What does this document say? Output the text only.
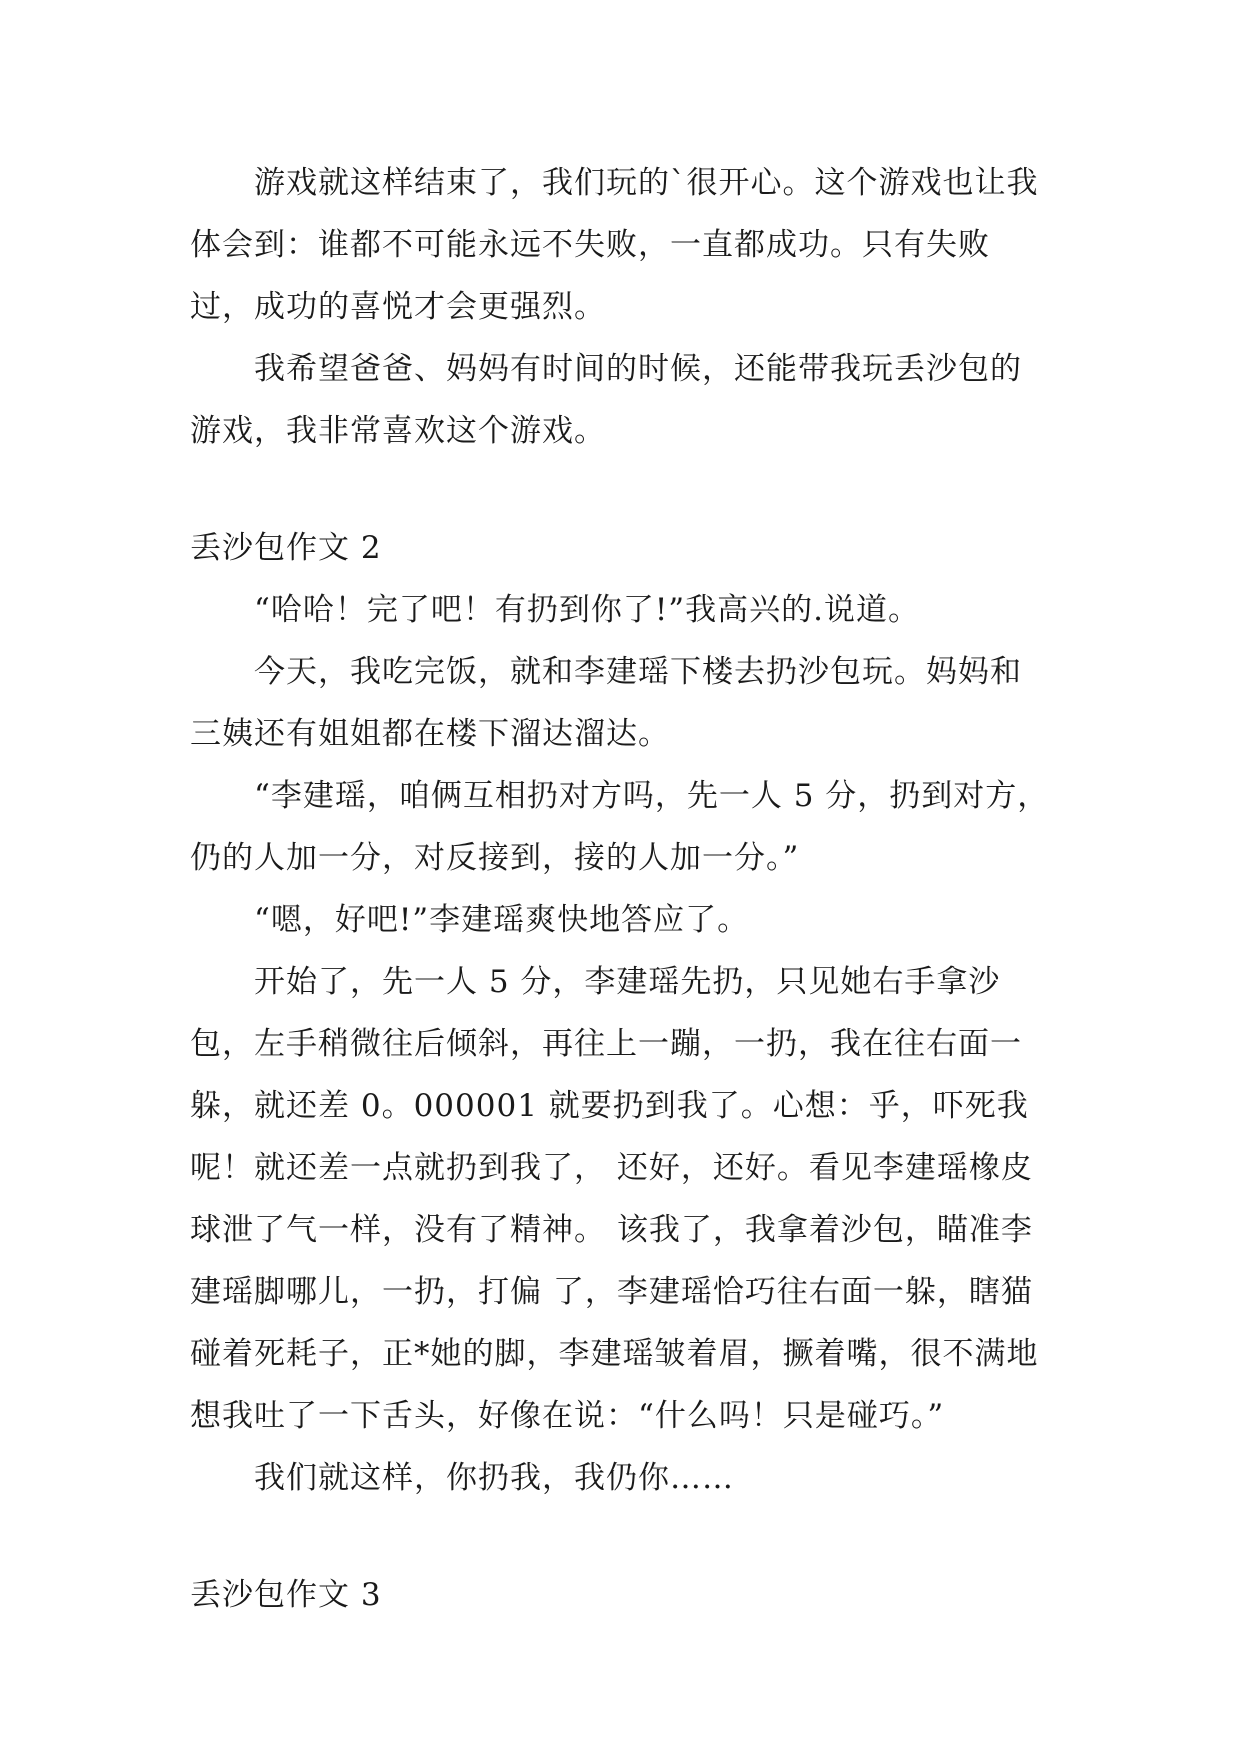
游戏就这样结束了，我们玩的`很开心。这个游戏也让我体会到：谁都不可能永远不失败，一直都成功。只有失败过，成功的喜悦才会更强烈。

我希望爸爸、妈妈有时间的时候，还能带我玩丢沙包的游戏，我非常喜欢这个游戏。

丢沙包作文 2

“哈哈！完了吧！有扔到你了!”我高兴的.说道。

今天，我吃完饭，就和李建瑶下楼去扔沙包玩。妈妈和三姨还有姐姐都在楼下溜达溜达。

“李建瑶，咱俩互相扔对方吗，先一人 5 分，扔到对方，仍的人加一分，对反接到，接的人加一分。”

“嗯，好吧!”李建瑶爽快地答应了。

开始了，先一人 5 分，李建瑶先扔，只见她右手拿沙包，左手稍微往后倾斜，再往上一蹦，一扔，我在往右面一躲，就还差 0。000001 就要扔到我了。心想：乎，吓死我呢！就还差一点就扔到我了， 还好，还好。看见李建瑶橡皮球泄了气一样，没有了精神。 该我了，我拿着沙包，瞄准李建瑶脚哪儿，一扔，打偏 了，李建瑶恰巧往右面一躲，瞎猫碰着死耗子，正*她的脚，李建瑶皱着眉，撅着嘴，很不满地想我吐了一下舌头，好像在说：“什么吗！只是碰巧。”

我们就这样，你扔我，我仍你……

丢沙包作文 3
